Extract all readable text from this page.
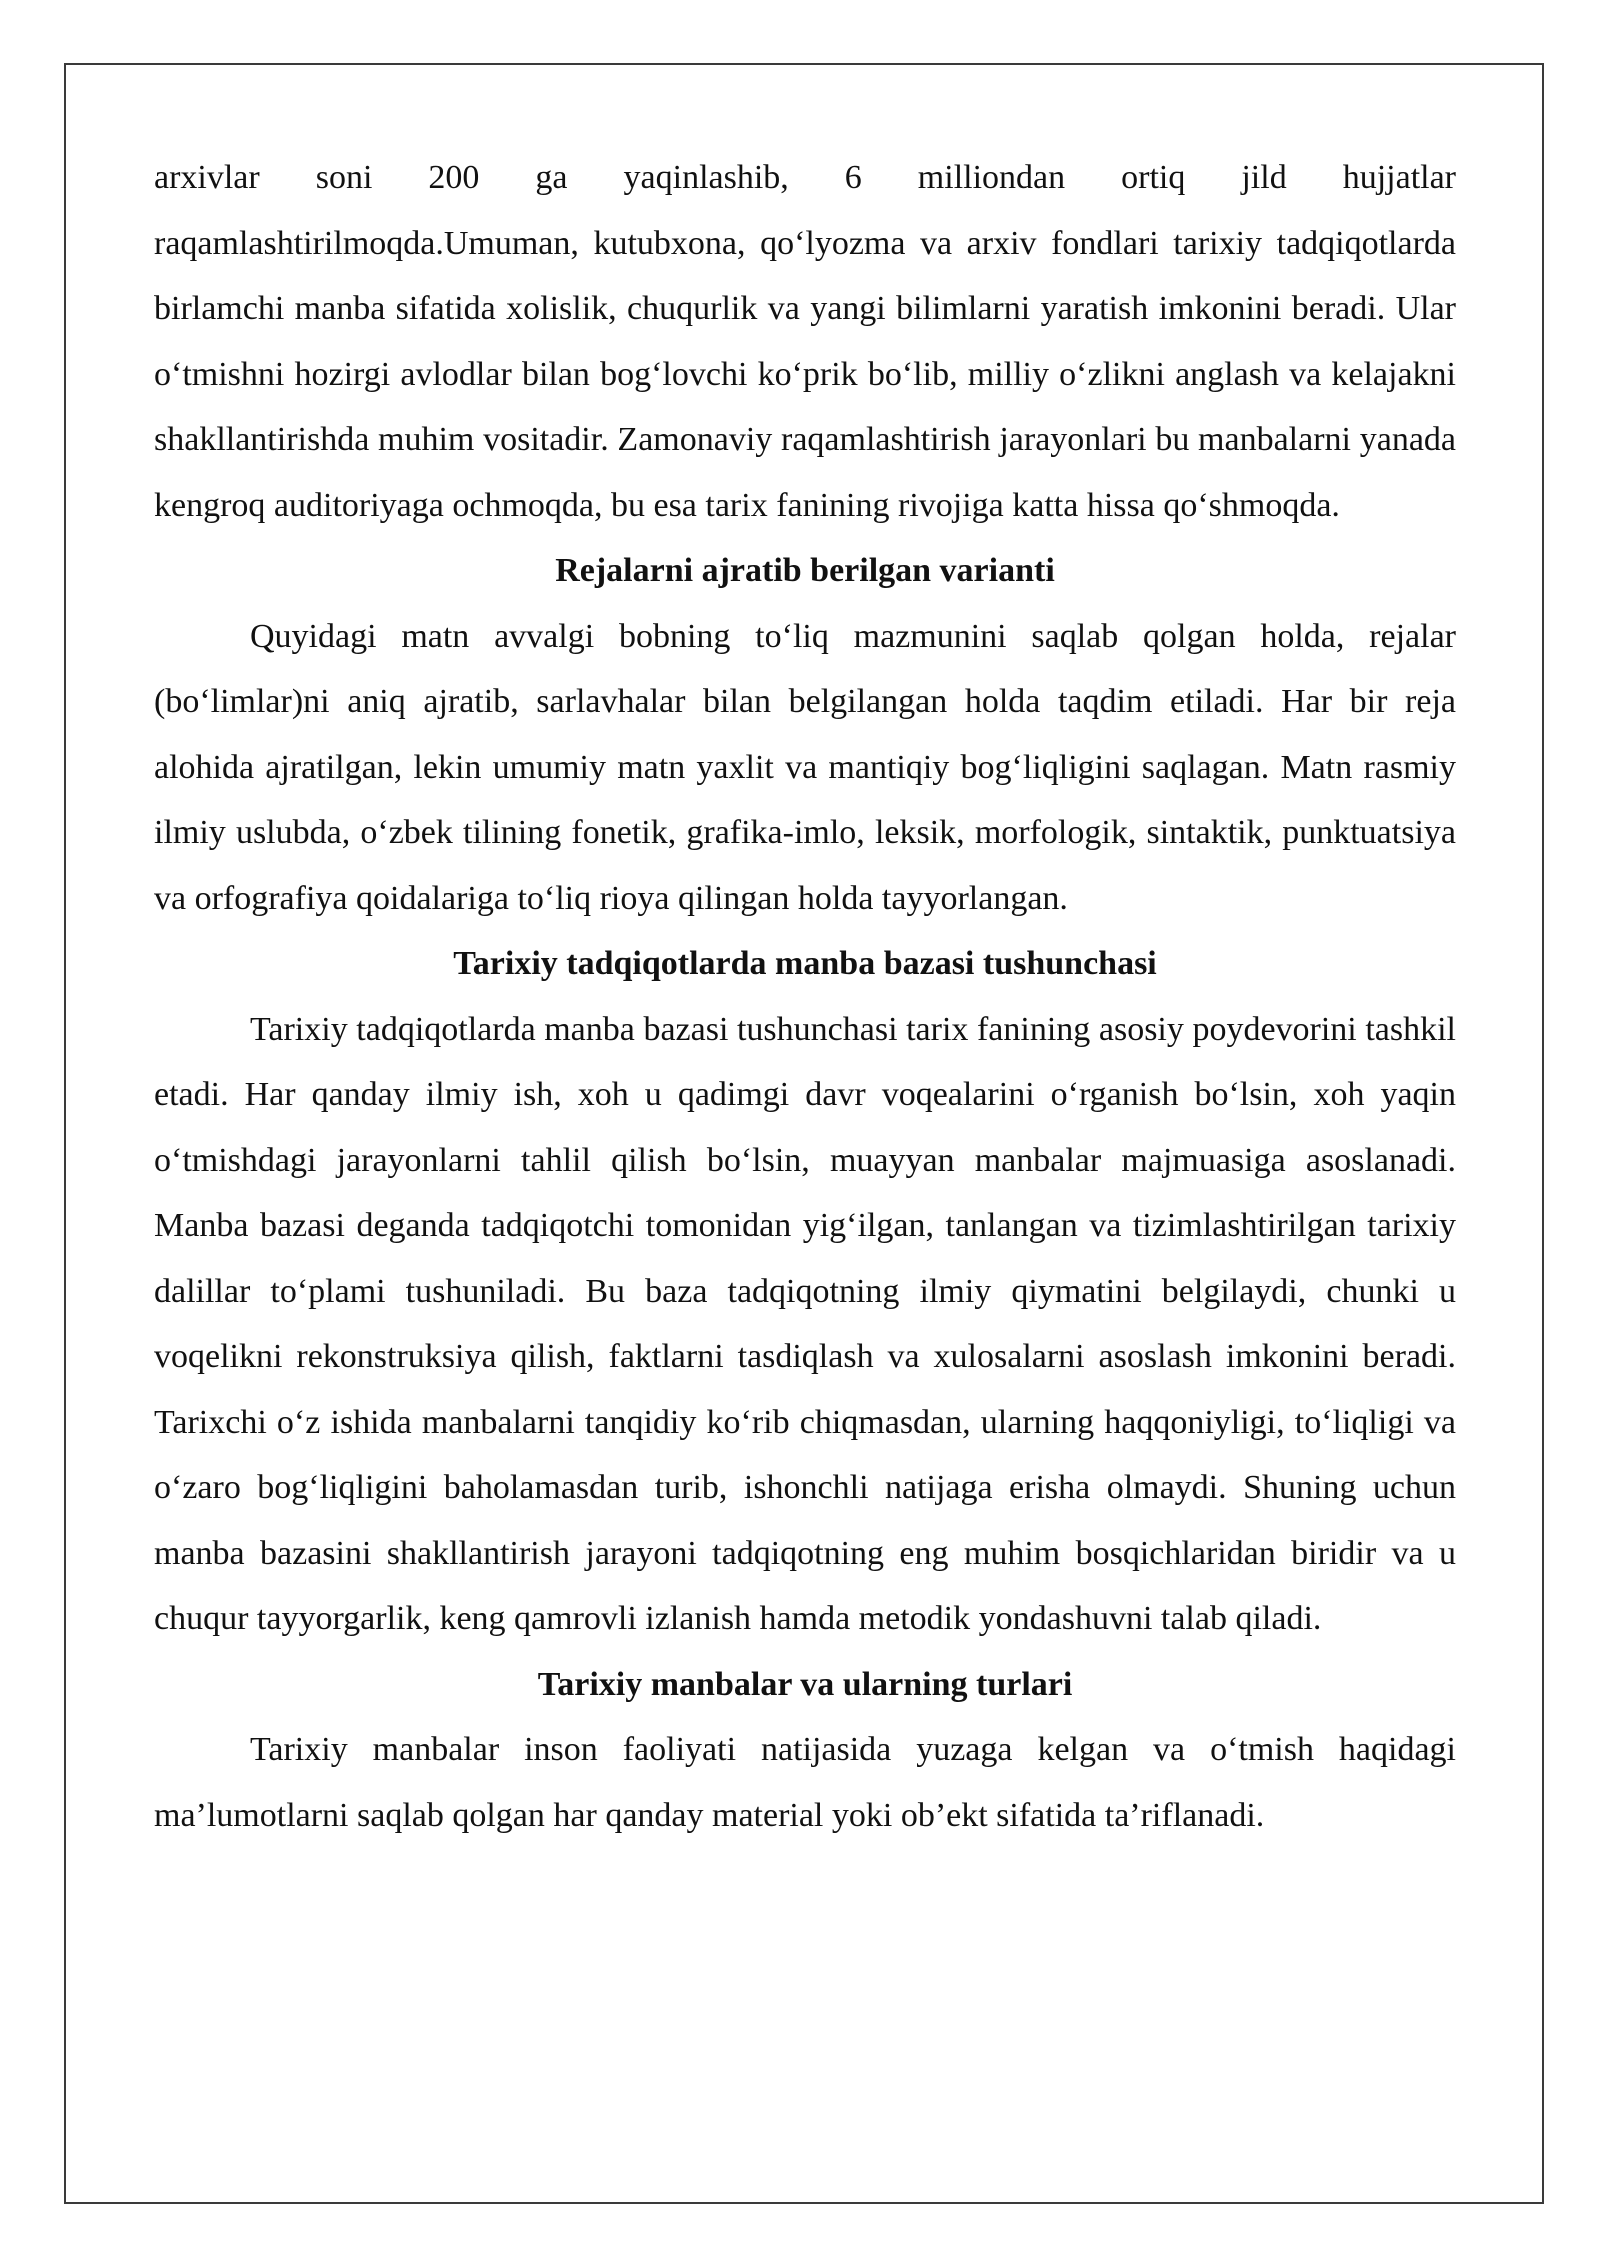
arxivlar soni 200 ga yaqinlashib, 6 milliondan ortiq jild hujjatlar raqamlashtirilmoqda.Umuman, kutubxona, qo‘lyozma va arxiv fondlari tarixiy tadqiqotlarda birlamchi manba sifatida xolislik, chuqurlik va yangi bilimlarni yaratish imkonini beradi. Ular o‘tmishni hozirgi avlodlar bilan bog‘lovchi ko‘prik bo‘lib, milliy o‘zlikni anglash va kelajakni shakllantirishda muhim vositadir. Zamonaviy raqamlashtirish jarayonlari bu manbalarni yanada kengroq auditoriyaga ochmoqda, bu esa tarix fanining rivojiga katta hissa qo‘shmoqda.

Rejalarni ajratib berilgan varianti

Quyidagi matn avvalgi bobning to‘liq mazmunini saqlab qolgan holda, rejalar (bo‘limlar)ni aniq ajratib, sarlavhalar bilan belgilangan holda taqdim etiladi. Har bir reja alohida ajratilgan, lekin umumiy matn yaxlit va mantiqiy bog‘liqligini saqlagan. Matn rasmiy ilmiy uslubda, o‘zbek tilining fonetik, grafika-imlo, leksik, morfologik, sintaktik, punktuatsiya va orfografiya qoidalariga to‘liq rioya qilingan holda tayyorlangan.

Tarixiy tadqiqotlarda manba bazasi tushunchasi

Tarixiy tadqiqotlarda manba bazasi tushunchasi tarix fanining asosiy poydevorini tashkil etadi. Har qanday ilmiy ish, xoh u qadimgi davr voqealarini o‘rganish bo‘lsin, xoh yaqin o‘tmishdagi jarayonlarni tahlil qilish bo‘lsin, muayyan manbalar majmuasiga asoslanadi. Manba bazasi deganda tadqiqotchi tomonidan yig‘ilgan, tanlangan va tizimlashtirilgan tarixiy dalillar to‘plami tushuniladi. Bu baza tadqiqotning ilmiy qiymatini belgilaydi, chunki u voqelikni rekonstruksiya qilish, faktlarni tasdiqlash va xulosalarni asoslash imkonini beradi. Tarixchi o‘z ishida manbalarni tanqidiy ko‘rib chiqmasdan, ularning haqqoniyligi, to‘liqligi va o‘zaro bog‘liqligini baholamasdan turib, ishonchli natijaga erisha olmaydi. Shuning uchun manba bazasini shakllantirish jarayoni tadqiqotning eng muhim bosqichlaridan biridir va u chuqur tayyorgarlik, keng qamrovli izlanish hamda metodik yondashuvni talab qiladi.

Tarixiy manbalar va ularning turlari

Tarixiy manbalar inson faoliyati natijasida yuzaga kelgan va o‘tmish haqidagi ma’lumotlarni saqlab qolgan har qanday material yoki ob’ekt sifatida ta’riflanadi.
